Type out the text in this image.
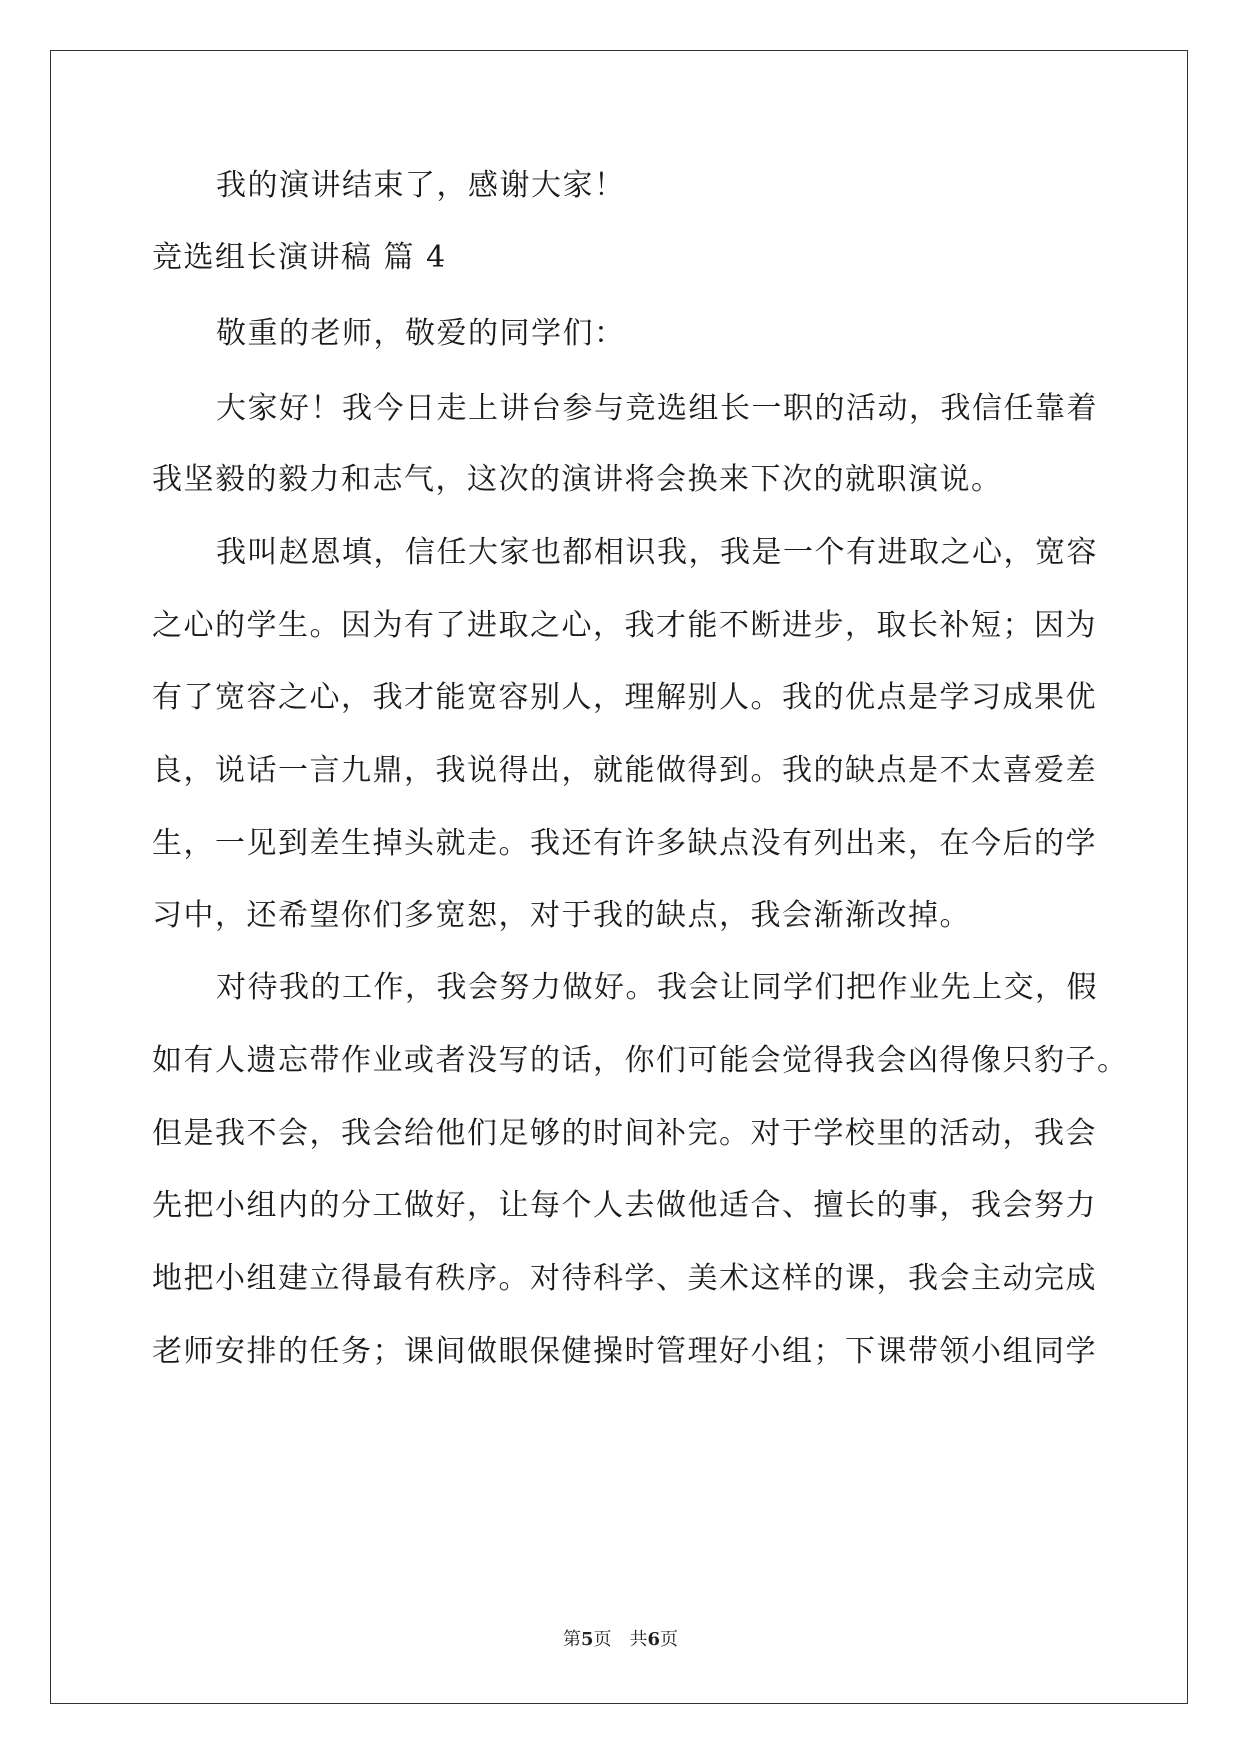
我的演讲结束了，感谢大家！
竞选组长演讲稿 篇 4
敬重的老师，敬爱的同学们：
大家好！我今日走上讲台参与竞选组长一职的活动，我信任靠着
我坚毅的毅力和志气，这次的演讲将会换来下次的就职演说。
我叫赵恩填，信任大家也都相识我，我是一个有进取之心，宽容
之心的学生。因为有了进取之心，我才能不断进步，取长补短；因为
有了宽容之心，我才能宽容别人，理解别人。我的优点是学习成果优
良，说话一言九鼎，我说得出，就能做得到。我的缺点是不太喜爱差
生，一见到差生掉头就走。我还有许多缺点没有列出来，在今后的学
习中，还希望你们多宽恕，对于我的缺点，我会渐渐改掉。
对待我的工作，我会努力做好。我会让同学们把作业先上交，假
如有人遗忘带作业或者没写的话，你们可能会觉得我会凶得像只豹子。
但是我不会，我会给他们足够的时间补完。对于学校里的活动，我会
先把小组内的分工做好，让每个人去做他适合、擅长的事，我会努力
地把小组建立得最有秩序。对待科学、美术这样的课，我会主动完成
老师安排的任务；课间做眼保健操时管理好小组；下课带领小组同学
第5页 共6页
